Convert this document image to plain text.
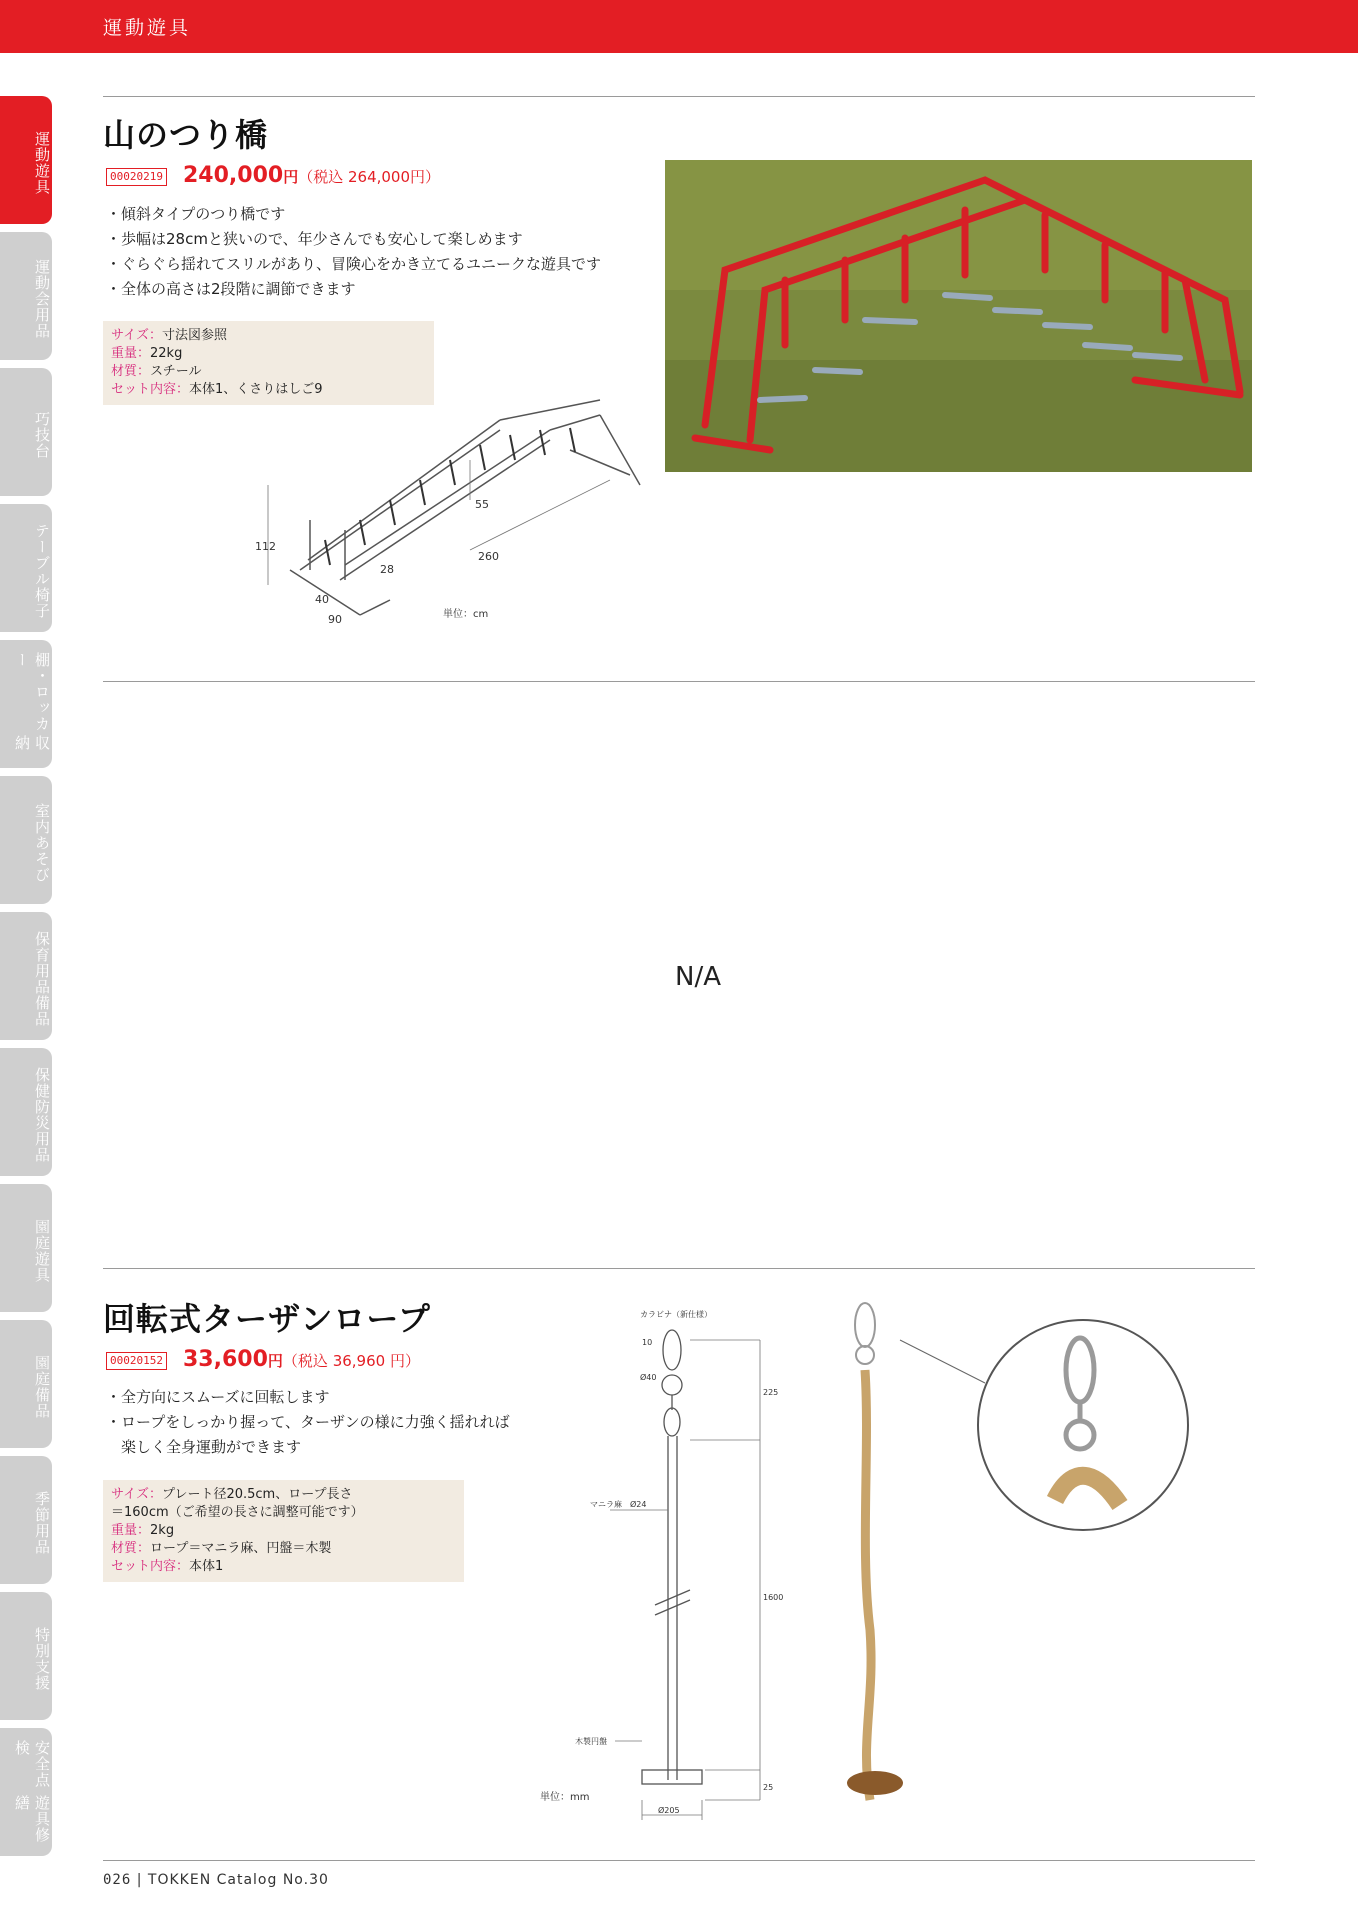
運動遊具
運動遊具
運動会用品
巧技台
テーブル
椅子
棚・ロッカー
収納
室内あそび
保育用品
備品
保健
防災用品
園庭遊具
園庭備品
季節用品
特別支援
安全点検
遊具修繕
山のつり橋
00020219 240,000円（税込 264,000円）
・傾斜タイプのつり橋です
・歩幅は28cmと狭いので、年少さんでも安心して楽しめます
・ぐらぐら揺れてスリルがあり、冒険心をかき立てるユニークな遊具です
・全体の高さは2段階に調節できます
サイズ：寸法図参照
重量：22kg
材質：スチール
セット内容：本体1、くさりはしご9
112
55
260
28
40
90	単位：cm
N/A
回転式ターザンロープ
00020152 33,600円（税込 36,960 円）
・全方向にスムーズに回転します
・ロープをしっかり握って、ターザンの様に力強く揺れれば
　楽しく全身運動ができます
サイズ：プレート径20.5cm、ロープ長さ
＝160cm（ご希望の長さに調整可能です）
重量：2kg
材質：ロープ＝マニラ麻、円盤＝木製
セット内容：本体1
カラビナ（新仕様）
Ø40
10
225
マニラ麻　Ø24
1600
木製円盤
25
Ø205
単位：mm
026 | TOKKEN Catalog No.30
